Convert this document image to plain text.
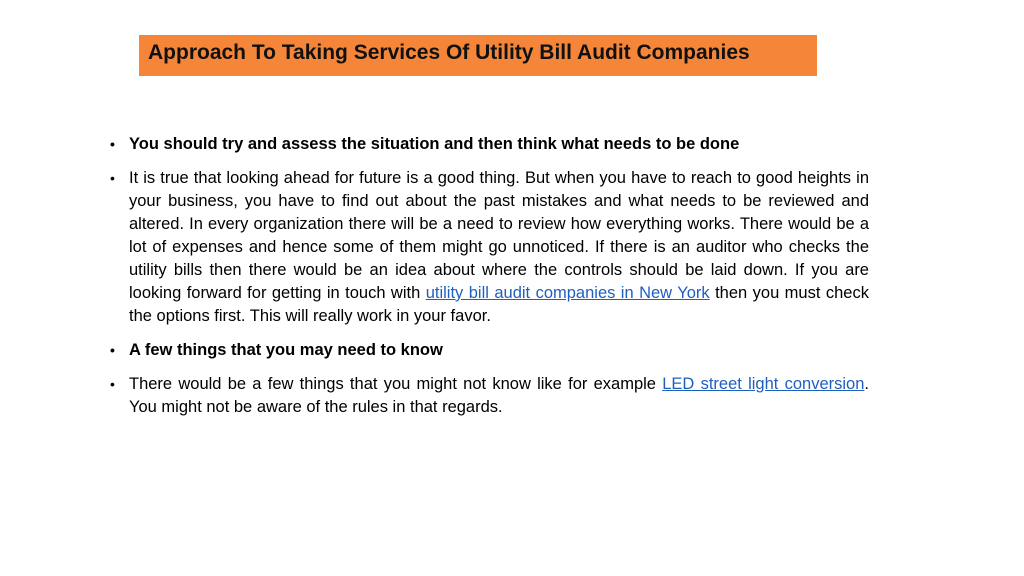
Approach To Taking Services Of Utility Bill Audit Companies
• You should try and assess the situation and then think what needs to be done
• It is true that looking ahead for future is a good thing. But when you have to reach to good heights in your business, you have to find out about the past mistakes and what needs to be reviewed and altered. In every organization there will be a need to review how everything works. There would be a lot of expenses and hence some of them might go unnoticed. If there is an auditor who checks the utility bills then there would be an idea about where the controls should be laid down. If you are looking forward for getting in touch with utility bill audit companies in New York then you must check the options first. This will really work in your favor.
• A few things that you may need to know
• There would be a few things that you might not know like for example LED street light conversion. You might not be aware of the rules in that regards.
